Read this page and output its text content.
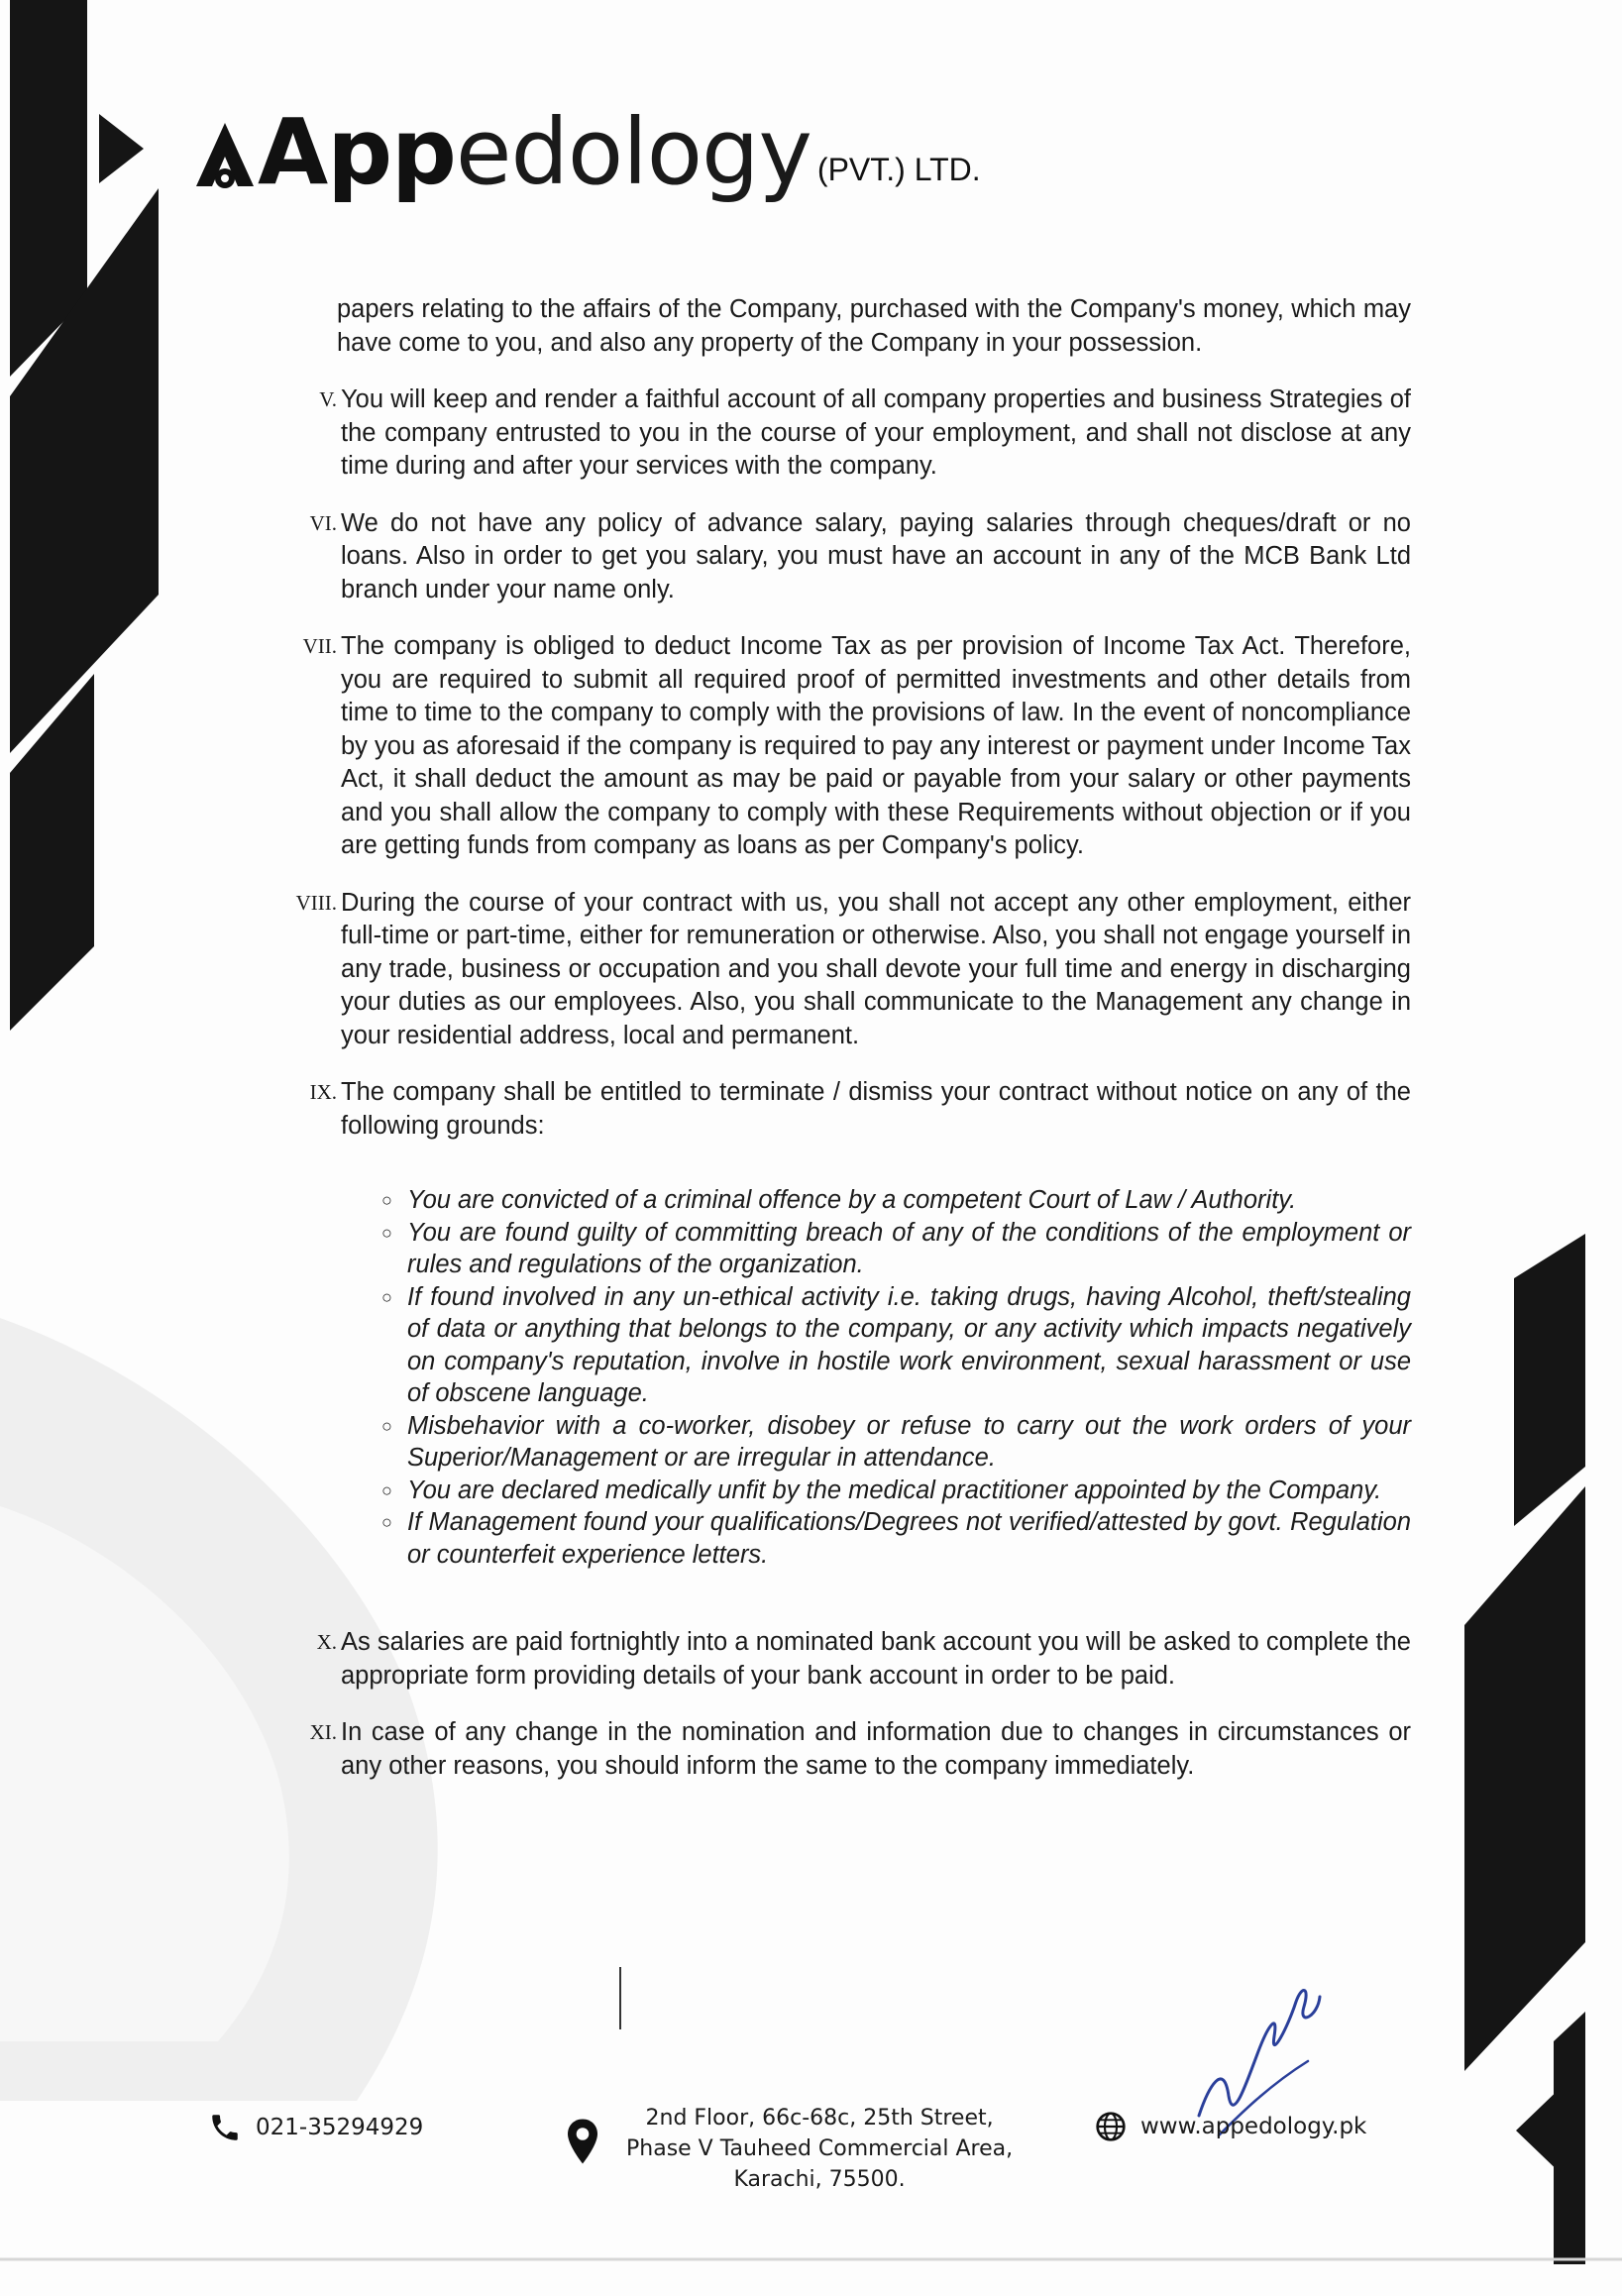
Appedology (PVT.) LTD.
papers relating to the affairs of the Company, purchased with the Company's money, which may have come to you, and also any property of the Company in your possession.
V. You will keep and render a faithful account of all company properties and business Strategies of the company entrusted to you in the course of your employment, and shall not disclose at any time during and after your services with the company.
VI. We do not have any policy of advance salary, paying salaries through cheques/draft or no loans. Also in order to get you salary, you must have an account in any of the MCB Bank Ltd branch under your name only.
VII. The company is obliged to deduct Income Tax as per provision of Income Tax Act. Therefore, you are required to submit all required proof of permitted investments and other details from time to time to the company to comply with the provisions of law. In the event of noncompliance by you as aforesaid if the company is required to pay any interest or payment under Income Tax Act, it shall deduct the amount as may be paid or payable from your salary or other payments and you shall allow the company to comply with these Requirements without objection or if you are getting funds from company as loans as per Company's policy.
VIII. During the course of your contract with us, you shall not accept any other employment, either full-time or part-time, either for remuneration or otherwise. Also, you shall not engage yourself in any trade, business or occupation and you shall devote your full time and energy in discharging your duties as our employees. Also, you shall communicate to the Management any change in your residential address, local and permanent.
IX. The company shall be entitled to terminate / dismiss your contract without notice on any of the following grounds:
○ You are convicted of a criminal offence by a competent Court of Law / Authority.
○ You are found guilty of committing breach of any of the conditions of the employment or rules and regulations of the organization.
○ If found involved in any un-ethical activity i.e. taking drugs, having Alcohol, theft/stealing of data or anything that belongs to the company, or any activity which impacts negatively on company's reputation, involve in hostile work environment, sexual harassment or use of obscene language.
○ Misbehavior with a co-worker, disobey or refuse to carry out the work orders of your Superior/Management or are irregular in attendance.
○ You are declared medically unfit by the medical practitioner appointed by the Company.
○ If Management found your qualifications/Degrees not verified/attested by govt. Regulation or counterfeit experience letters.
X. As salaries are paid fortnightly into a nominated bank account you will be asked to complete the appropriate form providing details of your bank account in order to be paid.
XI. In case of any change in the nomination and information due to changes in circumstances or any other reasons, you should inform the same to the company immediately.
021-35294929	2nd Floor, 66c-68c, 25th Street,
Phase V Tauheed Commercial Area,
Karachi, 75500.
www.appedology.pk
